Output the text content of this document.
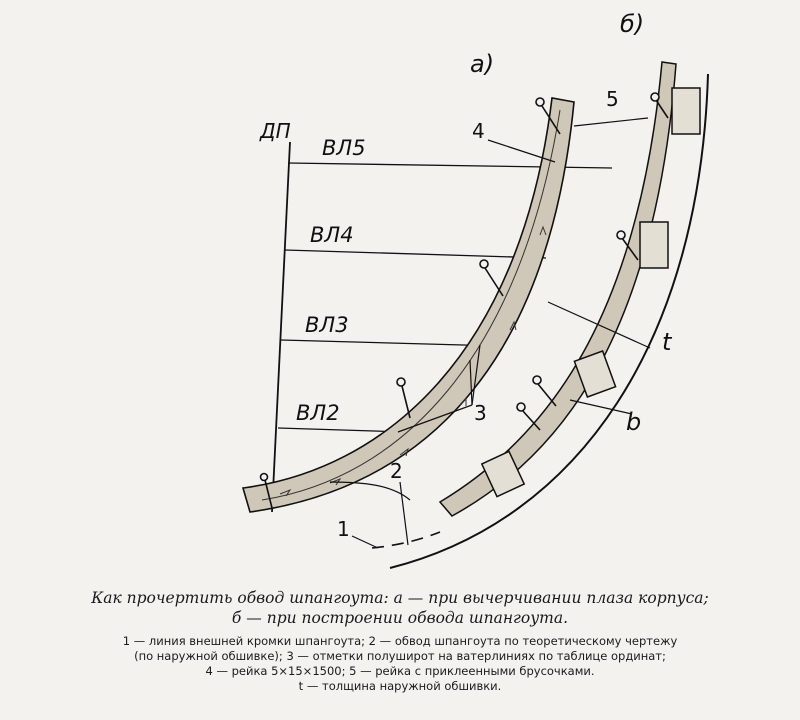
ДП
ВЛ5
ВЛ4
ВЛ3
ВЛ2
а)
4
3
2
б)
5
t
b
1

Как прочертить обвод шпангоута: а — при вычерчивании плаза корпуса;
б — при построении обвода шпангоута.

1 — линия внешней кромки шпангоута; 2 — обвод шпангоута по теоретическому чертежу
(по наружной обшивке); 3 — отметки полуширот на ватерлиниях по таблице ординат;
4 — рейка 5×15×1500; 5 — рейка с приклеенными брусочками.
t — толщина наружной обшивки.
